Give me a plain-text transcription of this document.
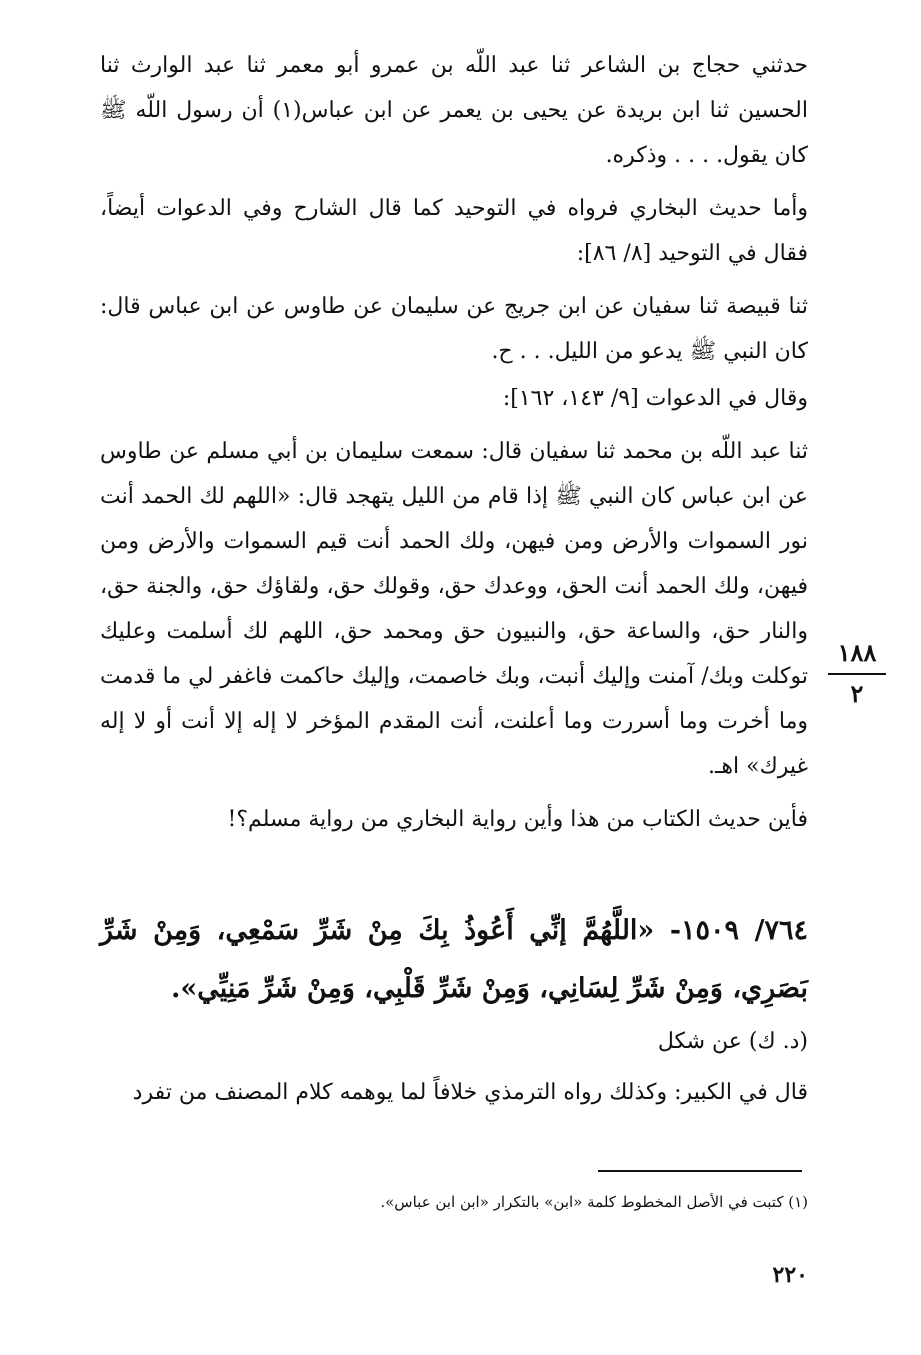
حدثني حجاج بن الشاعر ثنا عبد اللّه بن عمرو أبو معمر ثنا عبد الوارث ثنا الحسين ثنا ابن بريدة عن يحيى بن يعمر عن ابن عباس(١) أن رسول اللّه ﷺ كان يقول. . . . وذكره.

وأما حديث البخاري فرواه في التوحيد كما قال الشارح وفي الدعوات أيضاً، فقال في التوحيد [٨/ ٨٦]:

ثنا قبيصة ثنا سفيان عن ابن جريج عن سليمان عن طاوس عن ابن عباس قال: كان النبي ﷺ يدعو من الليل. . . ح.

وقال في الدعوات [٩/ ١٤٣، ١٦٢]:

ثنا عبد اللّه بن محمد ثنا سفيان قال: سمعت سليمان بن أبي مسلم عن طاوس عن ابن عباس كان النبي ﷺ إذا قام من الليل يتهجد قال: «اللهم لك الحمد أنت نور السموات والأرض ومن فيهن، ولك الحمد أنت قيم السموات والأرض ومن فيهن، ولك الحمد أنت الحق، ووعدك حق، وقولك حق، ولقاؤك حق، والجنة حق، والنار حق، والساعة حق، والنبيون حق ومحمد حق، اللهم لك أسلمت وعليك توكلت وبك/ آمنت وإليك أنبت، وبك خاصمت، وإليك حاكمت فاغفر لي ما قدمت وما أخرت وما أسررت وما أعلنت، أنت المقدم المؤخر لا إله إلا أنت أو لا إله غيرك» اهـ.

فأين حديث الكتاب من هذا وأين رواية البخاري من رواية مسلم؟!

٧٦٤/ ١٥٠٩- «اللَّهُمَّ إنِّي أَعُوذُ بِكَ مِنْ شَرِّ سَمْعِي، وَمِنْ شَرِّ بَصَرِي، وَمِنْ شَرِّ لِسَانِي، وَمِنْ شَرِّ قَلْبِي، وَمِنْ شَرِّ مَنِيِّي».

(د. ك) عن شكل

قال في الكبير: وكذلك رواه الترمذي خلافاً لما يوهمه كلام المصنف من تفرد

١٨٨
٢

(١) كتبت في الأصل المخطوط كلمة «ابن» بالتكرار «ابن ابن عباس».

٢٢٠
